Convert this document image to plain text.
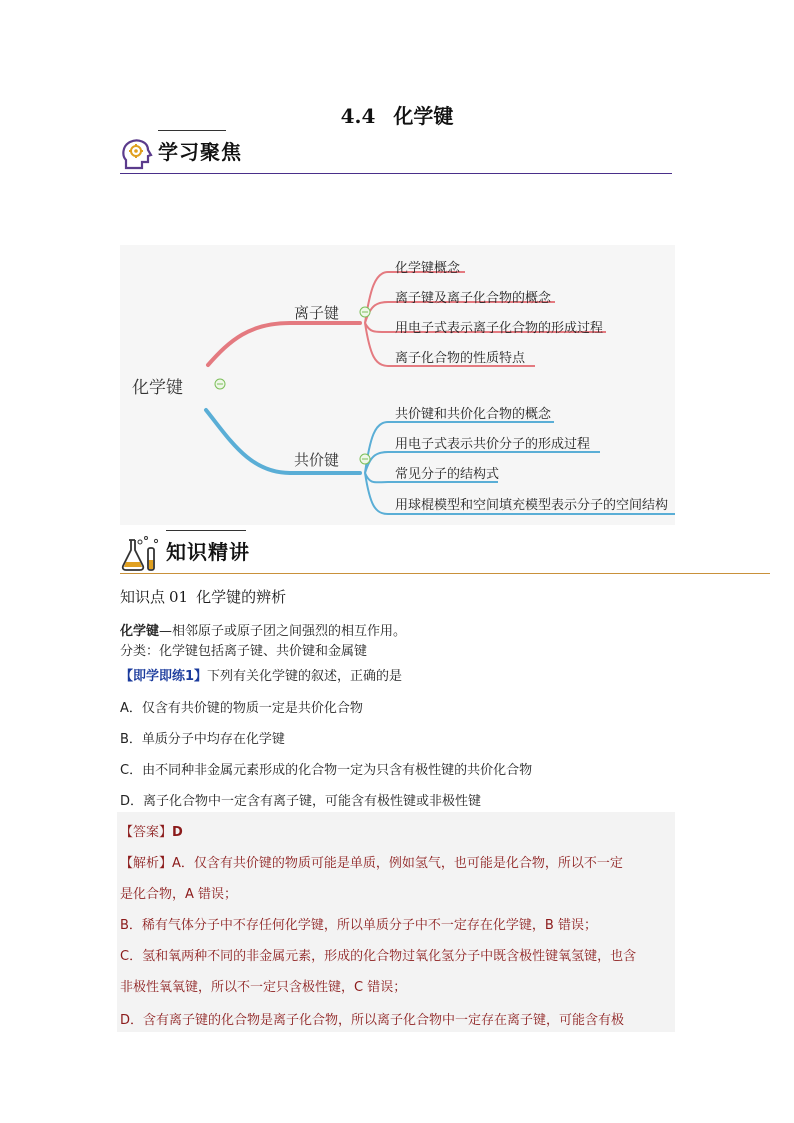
4.4 化学键
学习聚焦
化学键
离子键
共价键
化学键概念
离子键及离子化合物的概念
用电子式表示离子化合物的形成过程
离子化合物的性质特点
共价键和共价化合物的概念
用电子式表示共价分子的形成过程
常见分子的结构式
用球棍模型和空间填充模型表示分子的空间结构
知识精讲
知识点 01 化学键的辨析
化学键—相邻原子或原子团之间强烈的相互作用。
分类：化学键包括离子键、共价键和金属键
【即学即练1】下列有关化学键的叙述，正确的是
A．仅含有共价键的物质一定是共价化合物
B．单质分子中均存在化学键
C．由不同种非金属元素形成的化合物一定为只含有极性键的共价化合物
D．离子化合物中一定含有离子键，可能含有极性键或非极性键
【答案】D
【解析】A．仅含有共价键的物质可能是单质，例如氢气，也可能是化合物，所以不一定
是化合物，A 错误；
B．稀有气体分子中不存任何化学键，所以单质分子中不一定存在化学键，B 错误；
C．氢和氧两种不同的非金属元素，形成的化合物过氧化氢分子中既含极性键氧氢键，也含
非极性氧氧键，所以不一定只含极性键，C 错误；
D．含有离子键的化合物是离子化合物，所以离子化合物中一定存在离子键，可能含有极
